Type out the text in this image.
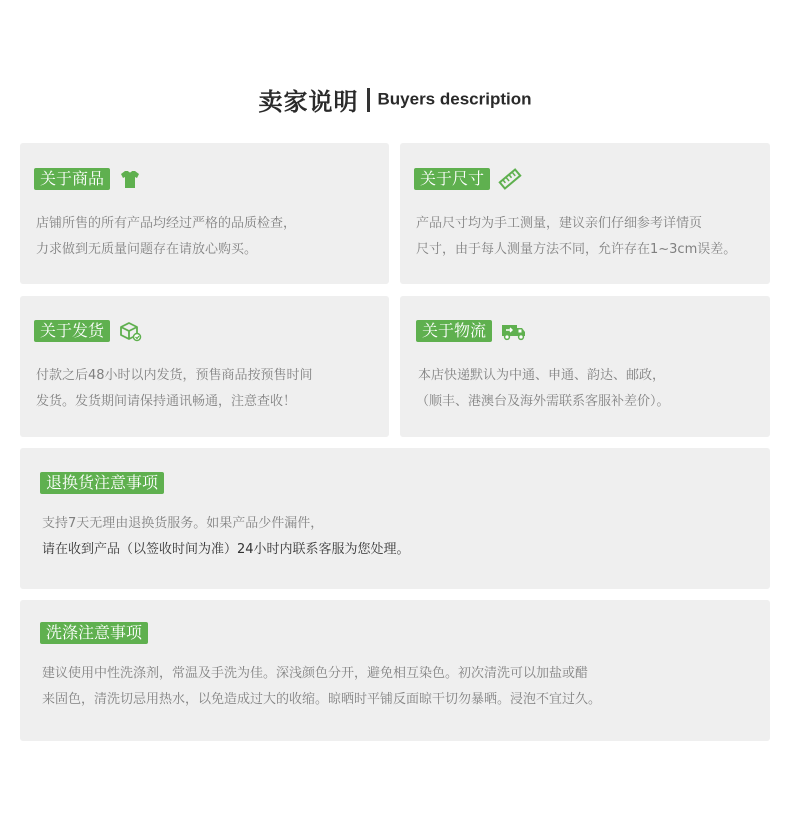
卖家说明 Buyers description
关于商品
店铺所售的所有产品均经过严格的品质检查，
力求做到无质量问题存在请放心购买。
关于尺寸
产品尺寸均为手工测量，建议亲们仔细参考详情页
尺寸，由于每人测量方法不同，允许存在1~3cm误差。
关于发货
付款之后48小时以内发货，预售商品按预售时间
发货。发货期间请保持通讯畅通，注意查收！
关于物流
本店快递默认为中通、申通、韵达、邮政，
（顺丰、港澳台及海外需联系客服补差价）。
退换货注意事项
支持7天无理由退换货服务。如果产品少件漏件，
请在收到产品（以签收时间为准）24小时内联系客服为您处理。
洗涤注意事项
建议使用中性洗涤剂，常温及手洗为佳。深浅颜色分开，避免相互染色。初次清洗可以加盐或醋
来固色，清洗切忌用热水，以免造成过大的收缩。晾晒时平铺反面晾干切勿暴晒。浸泡不宜过久。
